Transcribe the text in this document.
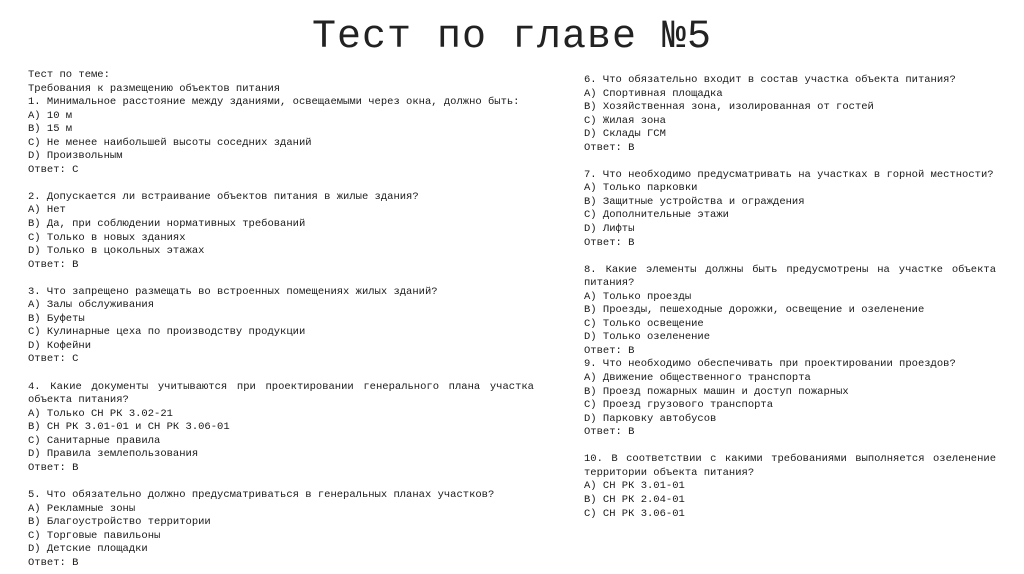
Тест по главе №5
Тест по теме:
Требования к размещению объектов питания
1. Минимальное расстояние между зданиями, освещаемыми через окна, должно быть:
A) 10 м
B) 15 м
C) Не менее наибольшей высоты соседних зданий
D) Произвольным
Ответ: C
2. Допускается ли встраивание объектов питания в жилые здания?
A) Нет
B) Да, при соблюдении нормативных требований
C) Только в новых зданиях
D) Только в цокольных этажах
Ответ: B
3. Что запрещено размещать во встроенных помещениях жилых зданий?
A) Залы обслуживания
B) Буфеты
C) Кулинарные цеха по производству продукции
D) Кофейни
Ответ: C
4. Какие документы учитываются при проектировании генерального плана участка объекта питания?
A) Только СН РК 3.02-21
B) СН РК 3.01-01 и СН РК 3.06-01
C) Санитарные правила
D) Правила землепользования
Ответ: B
5. Что обязательно должно предусматриваться в генеральных планах участков?
A) Рекламные зоны
B) Благоустройство территории
C) Торговые павильоны
D) Детские площадки
Ответ: B
6. Что обязательно входит в состав участка объекта питания?
A) Спортивная площадка
B) Хозяйственная зона, изолированная от гостей
C) Жилая зона
D) Склады ГСМ
Ответ: B
7. Что необходимо предусматривать на участках в горной местности?
A) Только парковки
B) Защитные устройства и ограждения
C) Дополнительные этажи
D) Лифты
Ответ: B
8. Какие элементы должны быть предусмотрены на участке объекта питания?
A) Только проезды
B) Проезды, пешеходные дорожки, освещение и озеленение
C) Только освещение
D) Только озеленение
Ответ: B
9. Что необходимо обеспечивать при проектировании проездов?
A) Движение общественного транспорта
B) Проезд пожарных машин и доступ пожарных
C) Проезд грузового транспорта
D) Парковку автобусов
Ответ: B
10. В соответствии с какими требованиями выполняется озеленение территории объекта питания?
A) СН РК 3.01-01
B) СН РК 2.04-01
C) СН РК 3.06-01
